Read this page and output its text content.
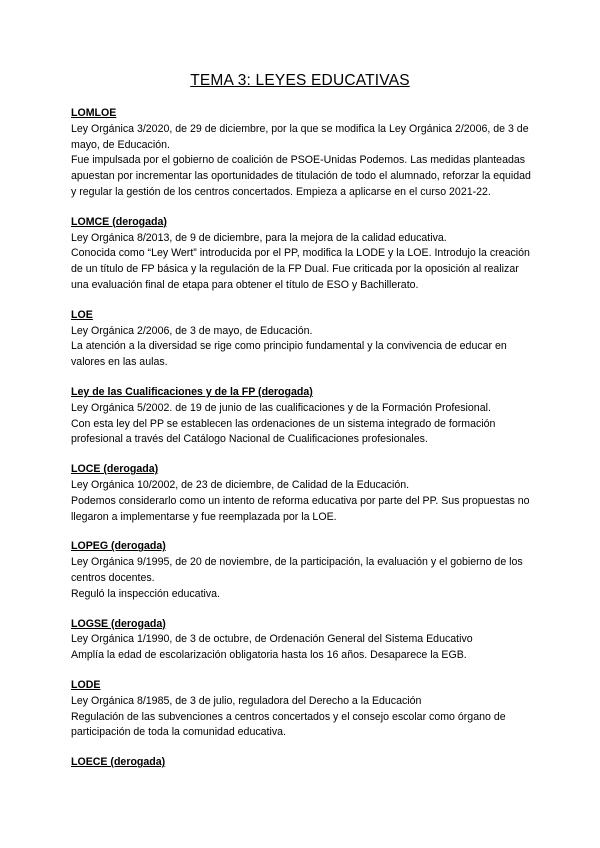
TEMA 3: LEYES EDUCATIVAS

LOMLOE

Ley Orgánica 3/2020, de 29 de diciembre, por la que se modifica la Ley Orgánica 2/2006, de 3 de mayo, de Educación.
Fue impulsada por el gobierno de coalición de PSOE-Unidas Podemos. Las medidas planteadas apuestan por incrementar las oportunidades de titulación de todo el alumnado, reforzar la equidad y regular la gestión de los centros concertados. Empieza a aplicarse en el curso 2021-22.

LOMCE (derogada)

Ley Orgánica 8/2013, de 9 de diciembre, para la mejora de la calidad educativa.
Conocida como “Ley Wert” introducida por el PP, modifica la LODE y la LOE. Introdujo la creación de un título de FP básica y la regulación de la FP Dual. Fue criticada por la oposición al realizar una evaluación final de etapa para obtener el título de ESO y Bachillerato.

LOE

Ley Orgánica 2/2006, de 3 de mayo, de Educación.
La atención a la diversidad se rige como principio fundamental y la convivencia de educar en valores en las aulas.

Ley de las Cualificaciones y de la FP (derogada)

Ley Orgánica 5/2002. de 19 de junio de las cualificaciones y de la Formación Profesional.
Con esta ley del PP se establecen las ordenaciones de un sistema integrado de formación profesional a través del Catálogo Nacional de Cualificaciones profesionales.

LOCE (derogada)

Ley Orgánica 10/2002, de 23 de diciembre, de Calidad de la Educación.
Podemos considerarlo como un intento de reforma educativa por parte del PP. Sus propuestas no llegaron a implementarse y fue reemplazada por la LOE.

LOPEG (derogada)

Ley Orgánica 9/1995, de 20 de noviembre, de la participación, la evaluación y el gobierno de los centros docentes.
Reguló la inspección educativa.

LOGSE (derogada)

Ley Orgánica 1/1990, de 3 de octubre, de Ordenación General del Sistema Educativo
Amplía la edad de escolarización obligatoria hasta los 16 años. Desaparece la EGB.

LODE

Ley Orgánica 8/1985, de 3 de julio, reguladora del Derecho a la Educación
Regulación de las subvenciones a centros concertados y el consejo escolar como órgano de participación de toda la comunidad educativa.

LOECE (derogada)
